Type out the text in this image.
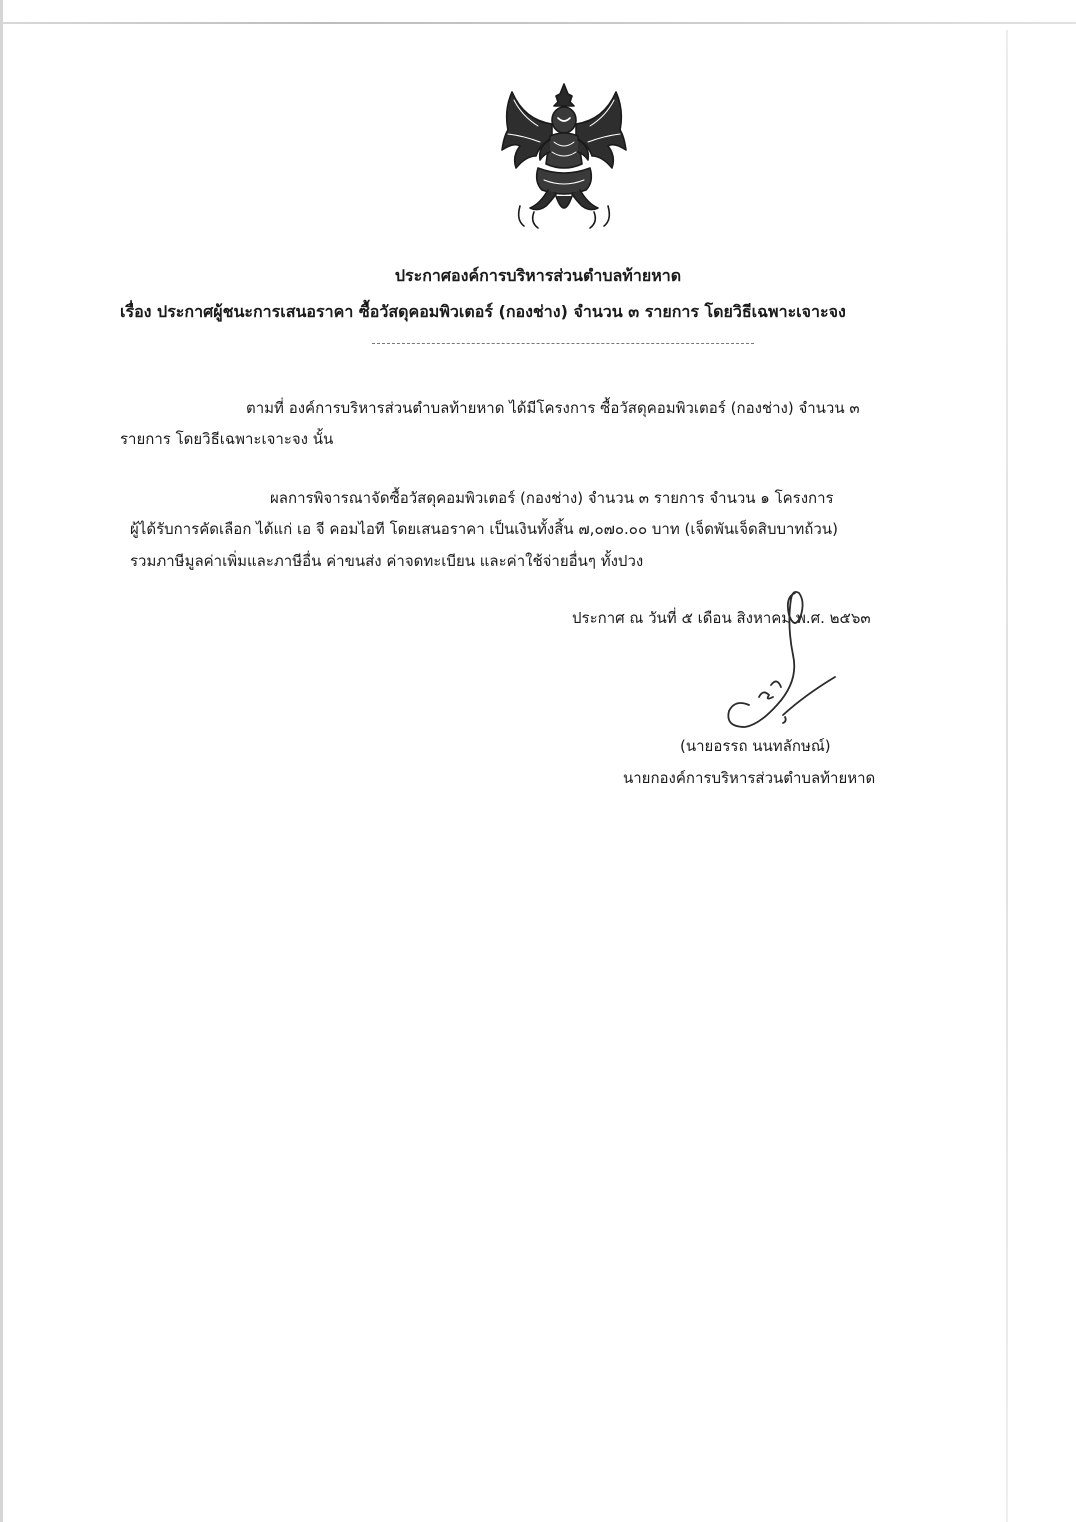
ประกาศองค์การบริหารส่วนตำบลท้ายหาด
เรื่อง ประกาศผู้ชนะการเสนอราคา ซื้อวัสดุคอมพิวเตอร์ (กองช่าง) จำนวน ๓ รายการ โดยวิธีเฉพาะเจาะจง
ตามที่ องค์การบริหารส่วนตำบลท้ายหาด ได้มีโครงการ ซื้อวัสดุคอมพิวเตอร์ (กองช่าง) จำนวน ๓
รายการ โดยวิธีเฉพาะเจาะจง นั้น
ผลการพิจารณาจัดซื้อวัสดุคอมพิวเตอร์ (กองช่าง) จำนวน ๓ รายการ จำนวน ๑ โครงการ
ผู้ได้รับการคัดเลือก ได้แก่ เอ จี คอมไอที โดยเสนอราคา เป็นเงินทั้งสิ้น ๗,๐๗๐.๐๐ บาท (เจ็ดพันเจ็ดสิบบาทถ้วน)
รวมภาษีมูลค่าเพิ่มและภาษีอื่น ค่าขนส่ง ค่าจดทะเบียน และค่าใช้จ่ายอื่นๆ ทั้งปวง
ประกาศ ณ วันที่ ๕ เดือน สิงหาคม พ.ศ. ๒๕๖๓
(นายอรรถ นนทลักษณ์)
นายกองค์การบริหารส่วนตำบลท้ายหาด
